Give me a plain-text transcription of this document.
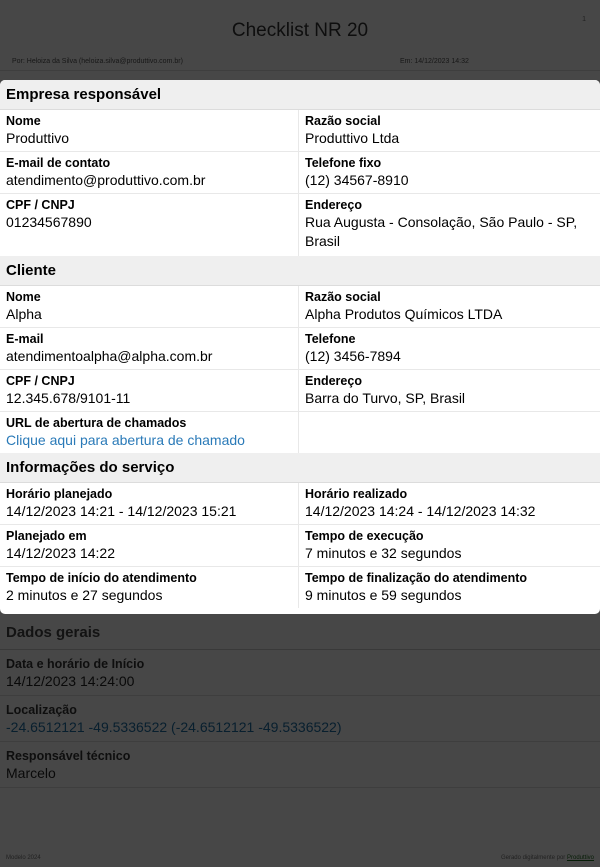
Empresa responsável
Nome
Produttivo
Razão social
Produttivo Ltda
E-mail de contato
atendimento@produttivo.com.br
Telefone fixo
(12) 34567-8910
CPF / CNPJ
01234567890
Endereço
Rua Augusta - Consolação, São Paulo - SP, Brasil
Cliente
Nome
Alpha
Razão social
Alpha Produtos Químicos LTDA
E-mail
atendimentoalpha@alpha.com.br
Telefone
(12) 3456-7894
CPF / CNPJ
12.345.678/9101-11
Endereço
Barra do Turvo, SP, Brasil
URL de abertura de chamados
Clique aqui para abertura de chamado
Informações do serviço
Horário planejado
14/12/2023 14:21 - 14/12/2023 15:21
Horário realizado
14/12/2023 14:24 - 14/12/2023 14:32
Planejado em
14/12/2023 14:22
Tempo de execução
7 minutos e 32 segundos
Tempo de início do atendimento
2 minutos e 27 segundos
Tempo de finalização do atendimento
9 minutos e 59 segundos
